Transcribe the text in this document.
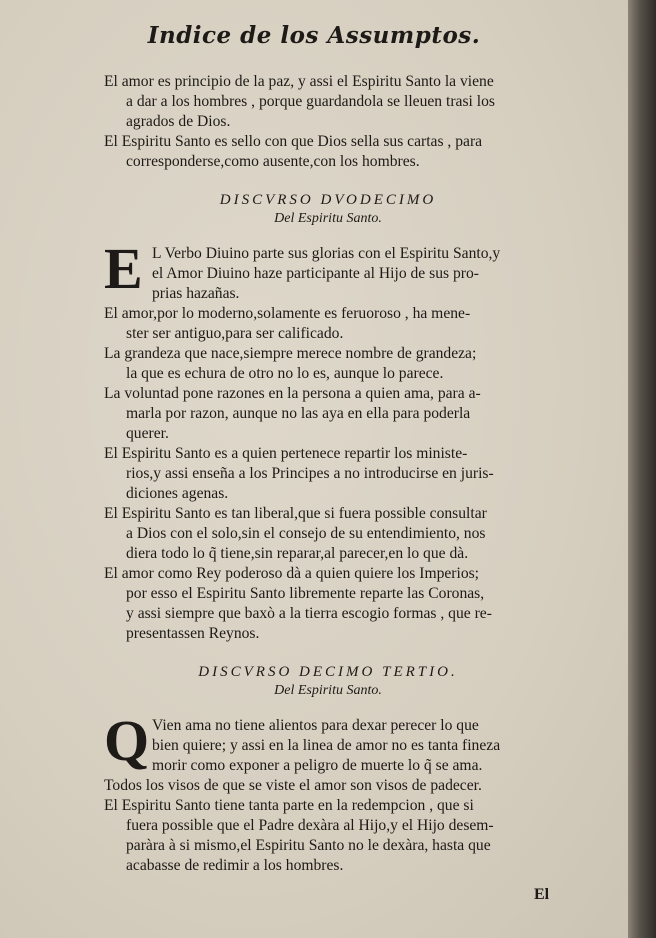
Indice de los Assumptos.
El amor es principio de la paz, y assi el Espiritu Santo la viene
a dar a los hombres , porque guardandola se lleuen trasi los
agrados de Dios.
El Espiritu Santo es sello con que Dios sella sus cartas , para
corresponderse,como ausente,con los hombres.
DISCVRSO DVODECIMO
Del Espiritu Santo.
E L Verbo Diuino parte sus glorias con el Espiritu Santo,y
el Amor Diuino haze participante al Hijo de sus pro-
prias hazañas.
El amor,por lo moderno,solamente es feruoroso , ha mene-
ster ser antiguo,para ser calificado.
La grandeza que nace,siempre merece nombre de grandeza;
la que es echura de otro no lo es, aunque lo parece.
La voluntad pone razones en la persona a quien ama, para a-
marla por razon, aunque no las aya en ella para poderla
querer.
El Espiritu Santo es a quien pertenece repartir los ministe-
rios,y assi enseña a los Principes a no introducirse en juris-
diciones agenas.
El Espiritu Santo es tan liberal,que si fuera possible consultar
a Dios con el solo,sin el consejo de su entendimiento, nos
diera todo lo q̃ tiene,sin reparar,al parecer,en lo que dà.
El amor como Rey poderoso dà a quien quiere los Imperios;
por esso el Espiritu Santo libremente reparte las Coronas,
y assi siempre que baxò a la tierra escogio formas , que re-
presentassen Reynos.
DISCVRSO DECIMO TERTIO.
Del Espiritu Santo.
Q Vien ama no tiene alientos para dexar perecer lo que
bien quiere; y assi en la linea de amor no es tanta fineza
morir como exponer a peligro de muerte lo q̃ se ama.
Todos los visos de que se viste el amor son visos de padecer.
El Espiritu Santo tiene tanta parte en la redempcion , que si
fuera possible que el Padre dexàra al Hijo,y el Hijo desem-
paràra à si mismo,el Espiritu Santo no le dexàra, hasta que
acabasse de redimir a los hombres.
El
